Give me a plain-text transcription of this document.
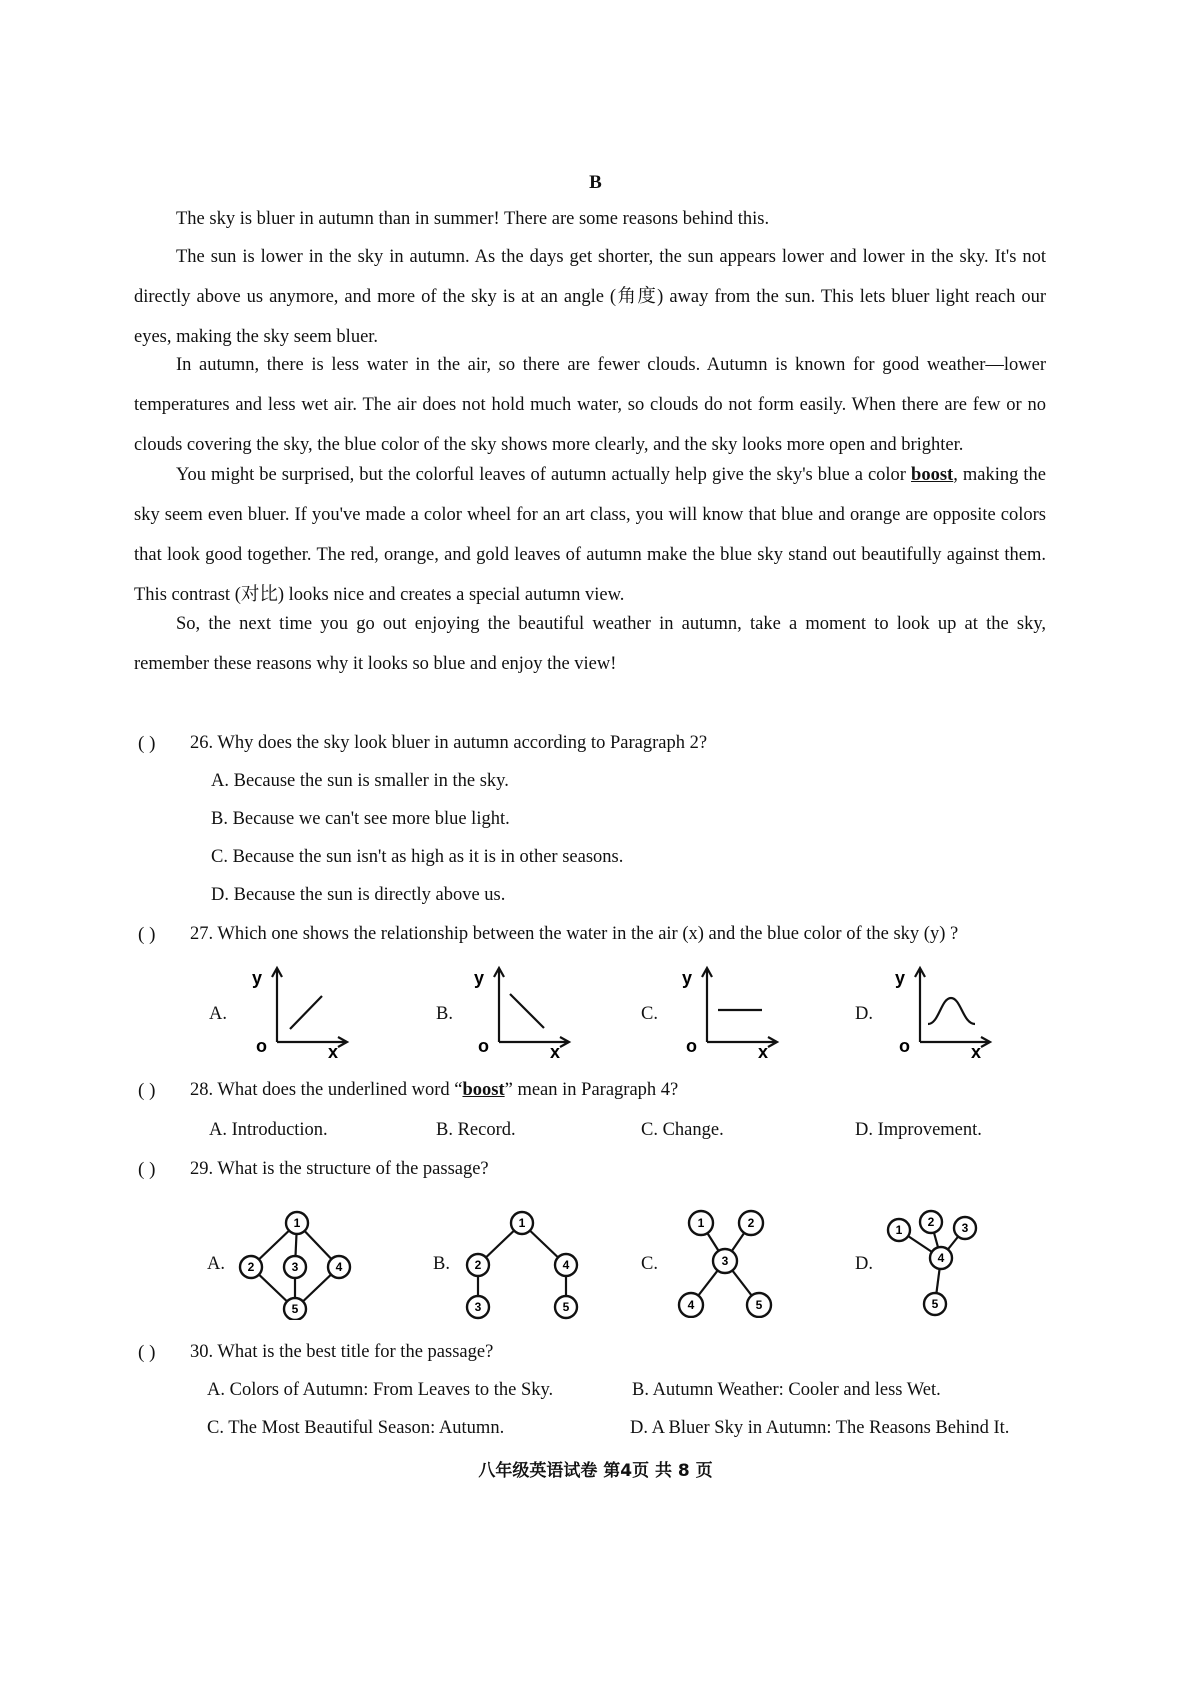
B

The sky is bluer in autumn than in summer! There are some reasons behind this.

The sun is lower in the sky in autumn. As the days get shorter, the sun appears lower and lower in the sky. It's not directly above us anymore, and more of the sky is at an angle (角度) away from the sun. This lets bluer light reach our eyes, making the sky seem bluer.

In autumn, there is less water in the air, so there are fewer clouds. Autumn is known for good weather—lower temperatures and less wet air. The air does not hold much water, so clouds do not form easily. When there are few or no clouds covering the sky, the blue color of the sky shows more clearly, and the sky looks more open and brighter.

You might be surprised, but the colorful leaves of autumn actually help give the sky's blue a color boost, making the sky seem even bluer. If you've made a color wheel for an art class, you will know that blue and orange are opposite colors that look good together. The red, orange, and gold leaves of autumn make the blue sky stand out beautifully against them. This contrast (对比) looks nice and creates a special autumn view.

So, the next time you go out enjoying the beautiful weather in autumn, take a moment to look up at the sky, remember these reasons why it looks so blue and enjoy the view!

( ) 26. Why does the sky look bluer in autumn according to Paragraph 2?
A. Because the sun is smaller in the sky.
B. Because we can't see more blue light.
C. Because the sun isn't as high as it is in other seasons.
D. Because the sun is directly above us.
( ) 27. Which one shows the relationship between the water in the air (x) and the blue color of the sky (y) ?
A.
y
o	x
B.
y
o	x
C.
y
o	x
D.
y
o	x
( ) 28. What does the underlined word “boost” mean in Paragraph 4?
A. Introduction.	B. Record.	C. Change.	D. Improvement.
( ) 29. What is the structure of the passage?
A.
1
2	3	4
5
B.
1
2	4
3	5
C.
1	2
3
4	5
D.
1
2 3
4
5
( ) 30. What is the best title for the passage?
A. Colors of Autumn: From Leaves to the Sky.	B. Autumn Weather: Cooler and less Wet.
C. The Most Beautiful Season: Autumn.	D. A Bluer Sky in Autumn: The Reasons Behind It.
八年级英语试卷 第4页 共 8 页
